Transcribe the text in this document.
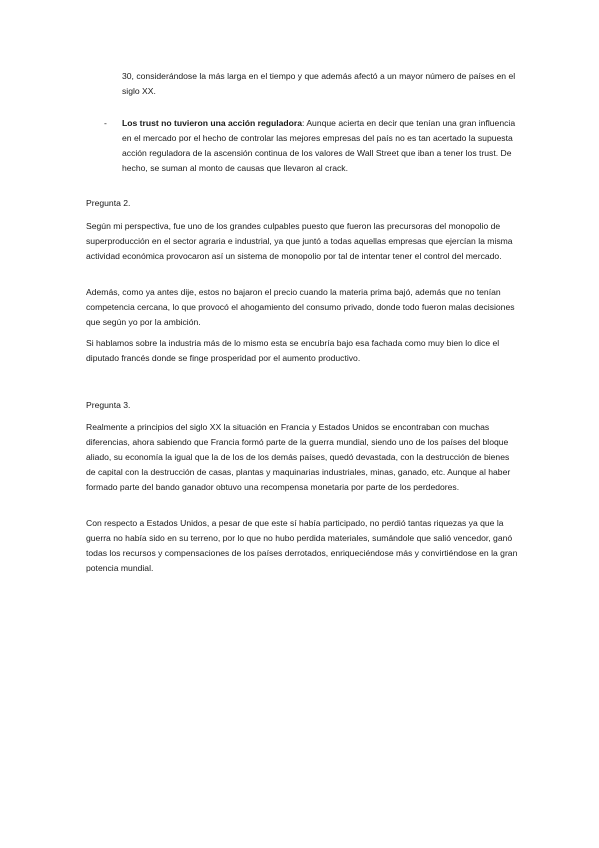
30, considerándose la más larga en el tiempo y que además afectó a un mayor número de países en el siglo XX.

- Los trust no tuvieron una acción reguladora: Aunque acierta en decir que tenían una gran influencia en el mercado por el hecho de controlar las mejores empresas del país no es tan acertado la supuesta acción reguladora de la ascensión continua de los valores de Wall Street que iban a tener los trust. De hecho, se suman al monto de causas que llevaron al crack.

Pregunta 2.

Según mi perspectiva, fue uno de los grandes culpables puesto que fueron las precursoras del monopolio de superproducción en el sector agraria e industrial, ya que juntó a todas aquellas empresas que ejercían la misma actividad económica provocaron así un sistema de monopolio por tal de intentar tener el control del mercado.

Además, como ya antes dije, estos no bajaron el precio cuando la materia prima bajó, además que no tenían competencia cercana, lo que provocó el ahogamiento del consumo privado, donde todo fueron malas decisiones que según yo por la ambición.

Si hablamos sobre la industria más de lo mismo esta se encubría bajo esa fachada como muy bien lo dice el diputado francés donde se finge prosperidad por el aumento productivo.

Pregunta 3.

Realmente a principios del siglo XX la situación en Francia y Estados Unidos se encontraban con muchas diferencias, ahora sabiendo que Francia formó parte de la guerra mundial, siendo uno de los países del bloque aliado, su economía la igual que la de los de los demás países, quedó devastada, con la destrucción de bienes de capital con la destrucción de casas, plantas y maquinarias industriales, minas, ganado, etc. Aunque al haber formado parte del bando ganador obtuvo una recompensa monetaria por parte de los perdedores.

Con respecto a Estados Unidos, a pesar de que este sí había participado, no perdió tantas riquezas ya que la guerra no había sido en su terreno, por lo que no hubo perdida materiales, sumándole que salió vencedor, ganó todas los recursos y compensaciones de los países derrotados, enriqueciéndose más y convirtiéndose en la gran potencia mundial.
